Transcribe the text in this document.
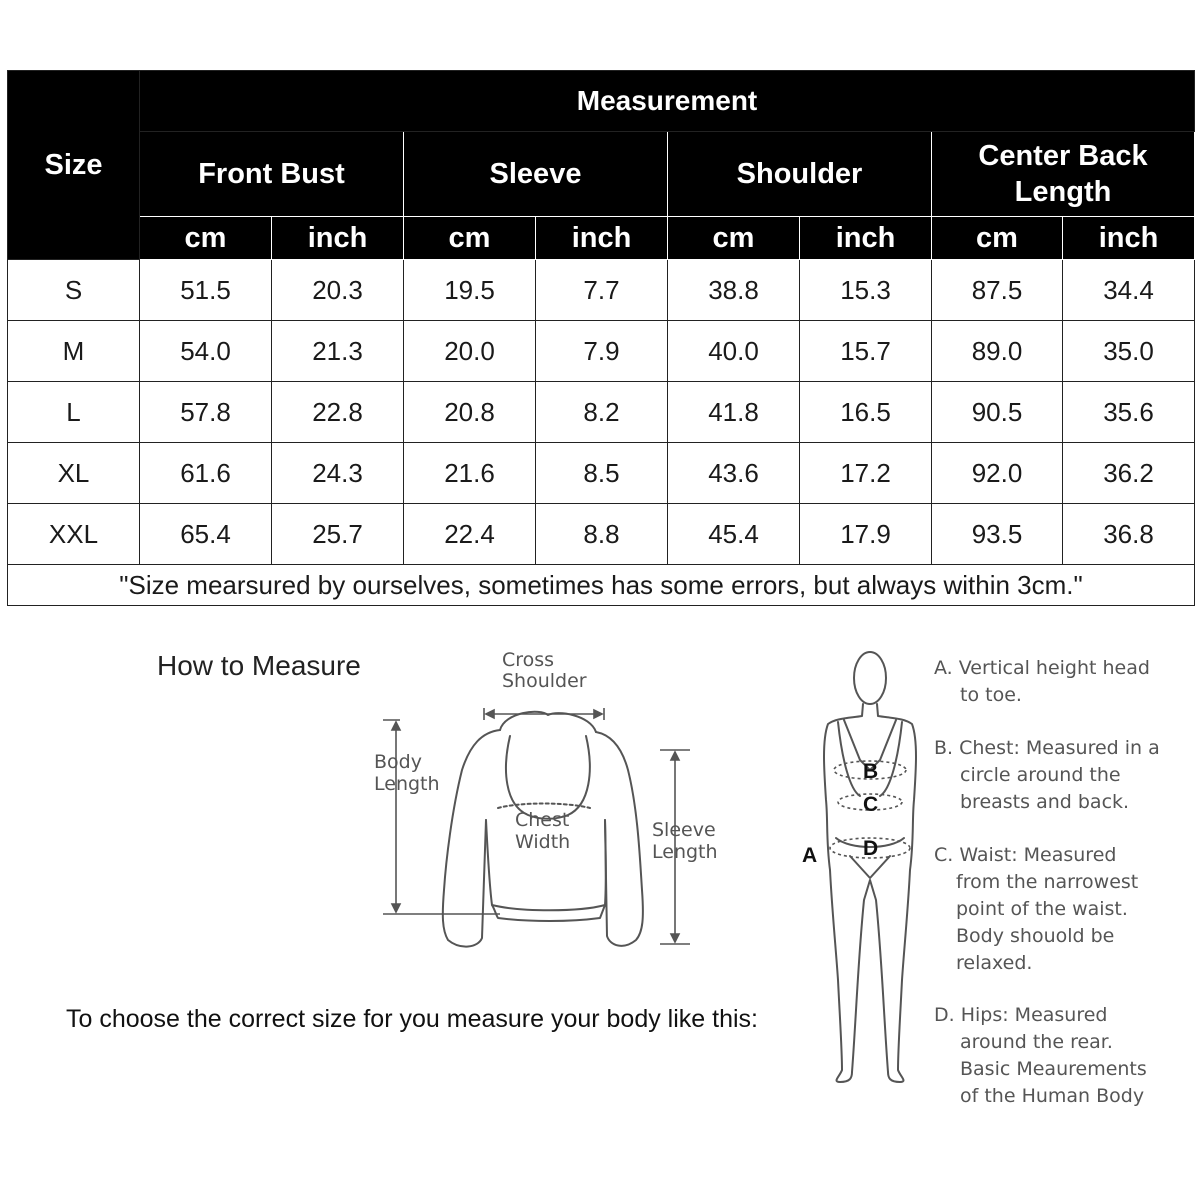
Size	Measurement							
	Front Bust		Sleeve		Shoulder		Center Back Length	
	cm	inch	cm	inch	cm	inch	cm	inch
S	51.5	20.3	19.5	7.7	38.8	15.3	87.5	34.4
M	54.0	21.3	20.0	7.9	40.0	15.7	89.0	35.0
L	57.8	22.8	20.8	8.2	41.8	16.5	90.5	35.6
XL	61.6	24.3	21.6	8.5	43.6	17.2	92.0	36.2
XXL	65.4	25.7	22.4	8.8	45.4	17.9	93.5	36.8
"Size mearsured by ourselves, sometimes has some errors, but always within 3cm."								
How to Measure	Cross
Shoulder
Body
Length
Chest
Width
Sleeve
Length	A
B
C
D
To choose the correct size for you measure your body like this:
A. Vertical height head
to toe.
B. Chest: Measured in a
circle around the
breasts and back.
C. Waist: Measured
from the narrowest
point of the waist.
Body shouold be
relaxed.
D. Hips: Measured
around the rear.
Basic Meaurements
of the Human Body
